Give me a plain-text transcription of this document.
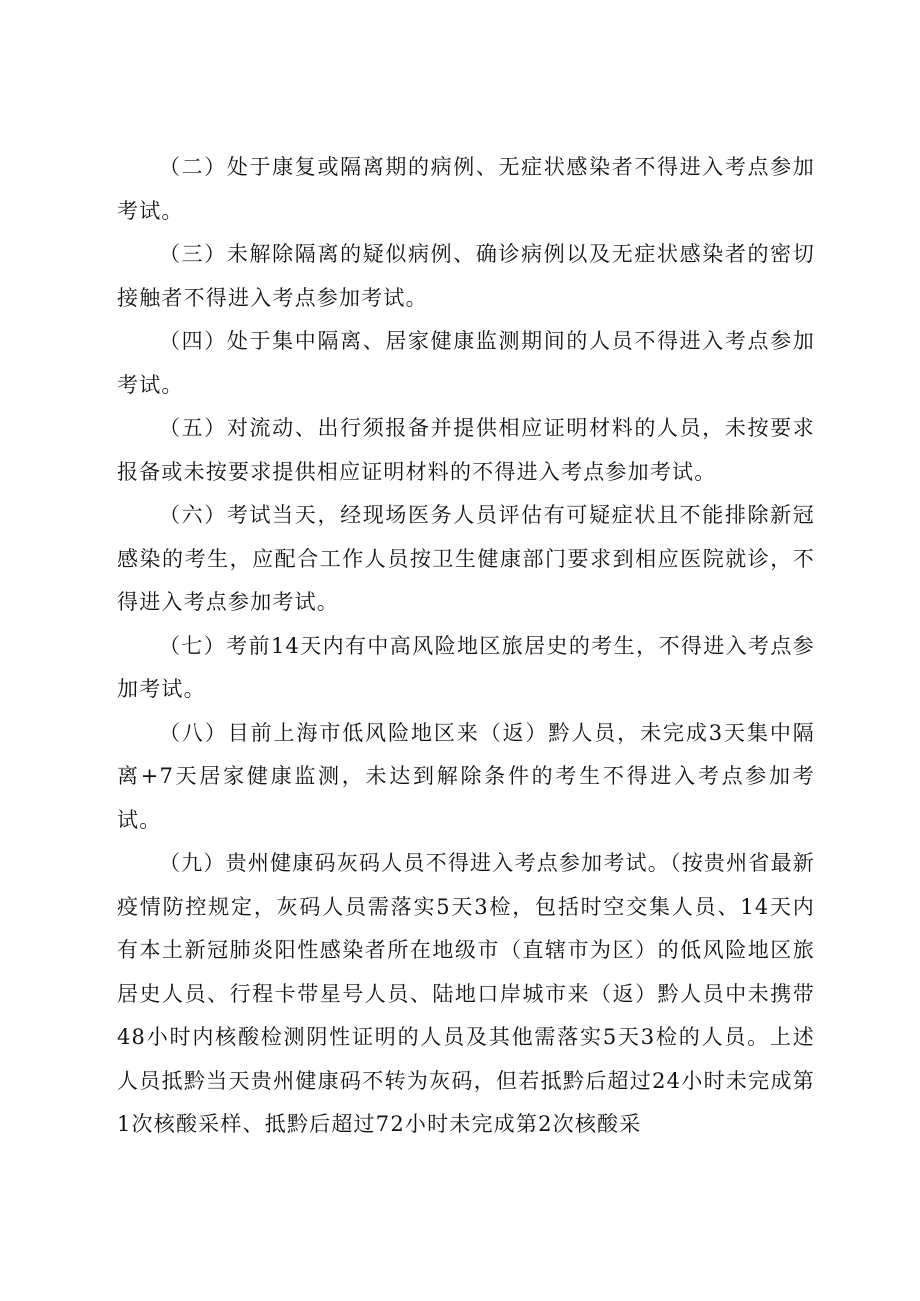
（二）处于康复或隔离期的病例、无症状感染者不得进入考点参加考试。

（三）未解除隔离的疑似病例、确诊病例以及无症状感染者的密切接触者不得进入考点参加考试。

（四）处于集中隔离、居家健康监测期间的人员不得进入考点参加考试。

（五）对流动、出行须报备并提供相应证明材料的人员，未按要求报备或未按要求提供相应证明材料的不得进入考点参加考试。

（六）考试当天，经现场医务人员评估有可疑症状且不能排除新冠感染的考生，应配合工作人员按卫生健康部门要求到相应医院就诊，不得进入考点参加考试。

（七）考前14天内有中高风险地区旅居史的考生，不得进入考点参加考试。

（八）目前上海市低风险地区来（返）黔人员，未完成3天集中隔离+7天居家健康监测，未达到解除条件的考生不得进入考点参加考试。

（九）贵州健康码灰码人员不得进入考点参加考试。（按贵州省最新疫情防控规定，灰码人员需落实5天3检，包括时空交集人员、14天内有本土新冠肺炎阳性感染者所在地级市（直辖市为区）的低风险地区旅居史人员、行程卡带星号人员、陆地口岸城市来（返）黔人员中未携带48小时内核酸检测阴性证明的人员及其他需落实5天3检的人员。上述人员抵黔当天贵州健康码不转为灰码，但若抵黔后超过24小时未完成第1次核酸采样、抵黔后超过72小时未完成第2次核酸采
